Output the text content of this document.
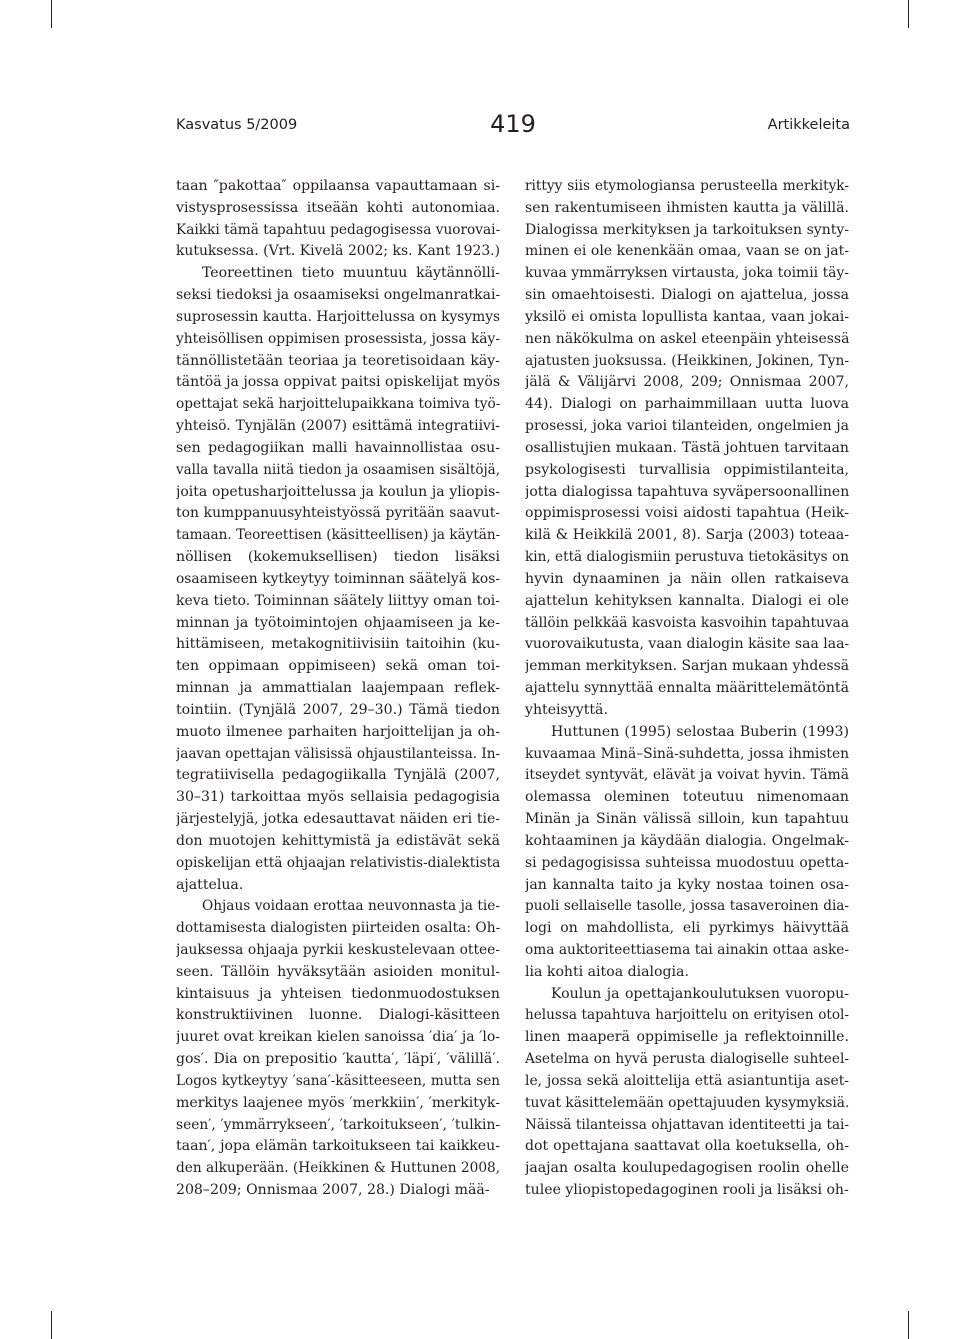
Kasvatus 5/2009	419	Artikkeleita
taan ″pakottaa″ oppilaansa vapauttamaan si-
vistysprosessissa itseään kohti autonomiaa.
Kaikki tämä tapahtuu pedagogisessa vuorovai-
kutuksessa. (Vrt. Kivelä 2002; ks. Kant 1923.)
Teoreettinen tieto muuntuu käytännölli-
seksi tiedoksi ja osaamiseksi ongelmanratkai-
suprosessin kautta. Harjoittelussa on kysymys
yhteisöllisen oppimisen prosessista, jossa käy-
tännöllistetään teoriaa ja teoretisoidaan käy-
täntöä ja jossa oppivat paitsi opiskelijat myös
opettajat sekä harjoittelupaikkana toimiva työ-
yhteisö. Tynjälän (2007) esittämä integratiivi-
sen pedagogiikan malli havainnollistaa osu-
valla tavalla niitä tiedon ja osaamisen sisältöjä,
joita opetusharjoittelussa ja koulun ja yliopis-
ton kumppanuusyhteistyössä pyritään saavut-
tamaan. Teoreettisen (käsitteellisen) ja käytän-
nöllisen (kokemuksellisen) tiedon lisäksi
osaamiseen kytkeytyy toiminnan säätelyä kos-
keva tieto. Toiminnan säätely liittyy oman toi-
minnan ja työtoimintojen ohjaamiseen ja ke-
hittämiseen, metakognitiivisiin taitoihin (ku-
ten oppimaan oppimiseen) sekä oman toi-
minnan ja ammattialan laajempaan reflek-
tointiin. (Tynjälä 2007, 29–30.) Tämä tiedon
muoto ilmenee parhaiten harjoittelijan ja oh-
jaavan opettajan välisissä ohjaustilanteissa. In-
tegratiivisella pedagogiikalla Tynjälä (2007,
30–31) tarkoittaa myös sellaisia pedagogisia
järjestelyjä, jotka edesauttavat näiden eri tie-
don muotojen kehittymistä ja edistävät sekä
opiskelijan että ohjaajan relativistis-dialektista
ajattelua.
Ohjaus voidaan erottaa neuvonnasta ja tie-
dottamisesta dialogisten piirteiden osalta: Oh-
jauksessa ohjaaja pyrkii keskustelevaan ottee-
seen. Tällöin hyväksytään asioiden monitul-
kintaisuus ja yhteisen tiedonmuodostuksen
konstruktiivinen luonne. Dialogi-käsitteen
juuret ovat kreikan kielen sanoissa ′dia′ ja ′lo-
gos′. Dia on prepositio ′kautta′, ′läpi′, ′välillä′.
Logos kytkeytyy ′sana′-käsitteeseen, mutta sen
merkitys laajenee myös ′merkkiin′, ′merkityk-
seen′, ′ymmärrykseen′, ′tarkoitukseen′, ′tulkin-
taan′, jopa elämän tarkoitukseen tai kaikkeu-
den alkuperään. (Heikkinen & Huttunen 2008,
208–209; Onnismaa 2007, 28.) Dialogi mää-
rittyy siis etymologiansa perusteella merkityk-
sen rakentumiseen ihmisten kautta ja välillä.
Dialogissa merkityksen ja tarkoituksen synty-
minen ei ole kenenkään omaa, vaan se on jat-
kuvaa ymmärryksen virtausta, joka toimii täy-
sin omaehtoisesti. Dialogi on ajattelua, jossa
yksilö ei omista lopullista kantaa, vaan jokai-
nen näkökulma on askel eteenpäin yhteisessä
ajatusten juoksussa. (Heikkinen, Jokinen, Tyn-
jälä & Välijärvi 2008, 209; Onnismaa 2007,
44). Dialogi on parhaimmillaan uutta luova
prosessi, joka varioi tilanteiden, ongelmien ja
osallistujien mukaan. Tästä johtuen tarvitaan
psykologisesti turvallisia oppimistilanteita,
jotta dialogissa tapahtuva syväpersoonallinen
oppimisprosessi voisi aidosti tapahtua (Heik-
kilä & Heikkilä 2001, 8). Sarja (2003) toteaa-
kin, että dialogismiin perustuva tietokäsitys on
hyvin dynaaminen ja näin ollen ratkaiseva
ajattelun kehityksen kannalta. Dialogi ei ole
tällöin pelkkää kasvoista kasvoihin tapahtuvaa
vuorovaikutusta, vaan dialogin käsite saa laa-
jemman merkityksen. Sarjan mukaan yhdessä
ajattelu synnyttää ennalta määrittelemätöntä
yhteisyyttä.
Huttunen (1995) selostaa Buberin (1993)
kuvaamaa Minä–Sinä-suhdetta, jossa ihmisten
itseydet syntyvät, elävät ja voivat hyvin. Tämä
olemassa oleminen toteutuu nimenomaan
Minän ja Sinän välissä silloin, kun tapahtuu
kohtaaminen ja käydään dialogia. Ongelmak-
si pedagogisissa suhteissa muodostuu opetta-
jan kannalta taito ja kyky nostaa toinen osa-
puoli sellaiselle tasolle, jossa tasaveroinen dia-
logi on mahdollista, eli pyrkimys häivyttää
oma auktoriteettiasema tai ainakin ottaa aske-
lia kohti aitoa dialogia.
Koulun ja opettajankoulutuksen vuoropu-
helussa tapahtuva harjoittelu on erityisen otol-
linen maaperä oppimiselle ja reflektoinnille.
Asetelma on hyvä perusta dialogiselle suhteel-
le, jossa sekä aloittelija että asiantuntija aset-
tuvat käsittelemään opettajuuden kysymyksiä.
Näissä tilanteissa ohjattavan identiteetti ja tai-
dot opettajana saattavat olla koetuksella, oh-
jaajan osalta koulupedagogisen roolin ohelle
tulee yliopistopedagoginen rooli ja lisäksi oh-
